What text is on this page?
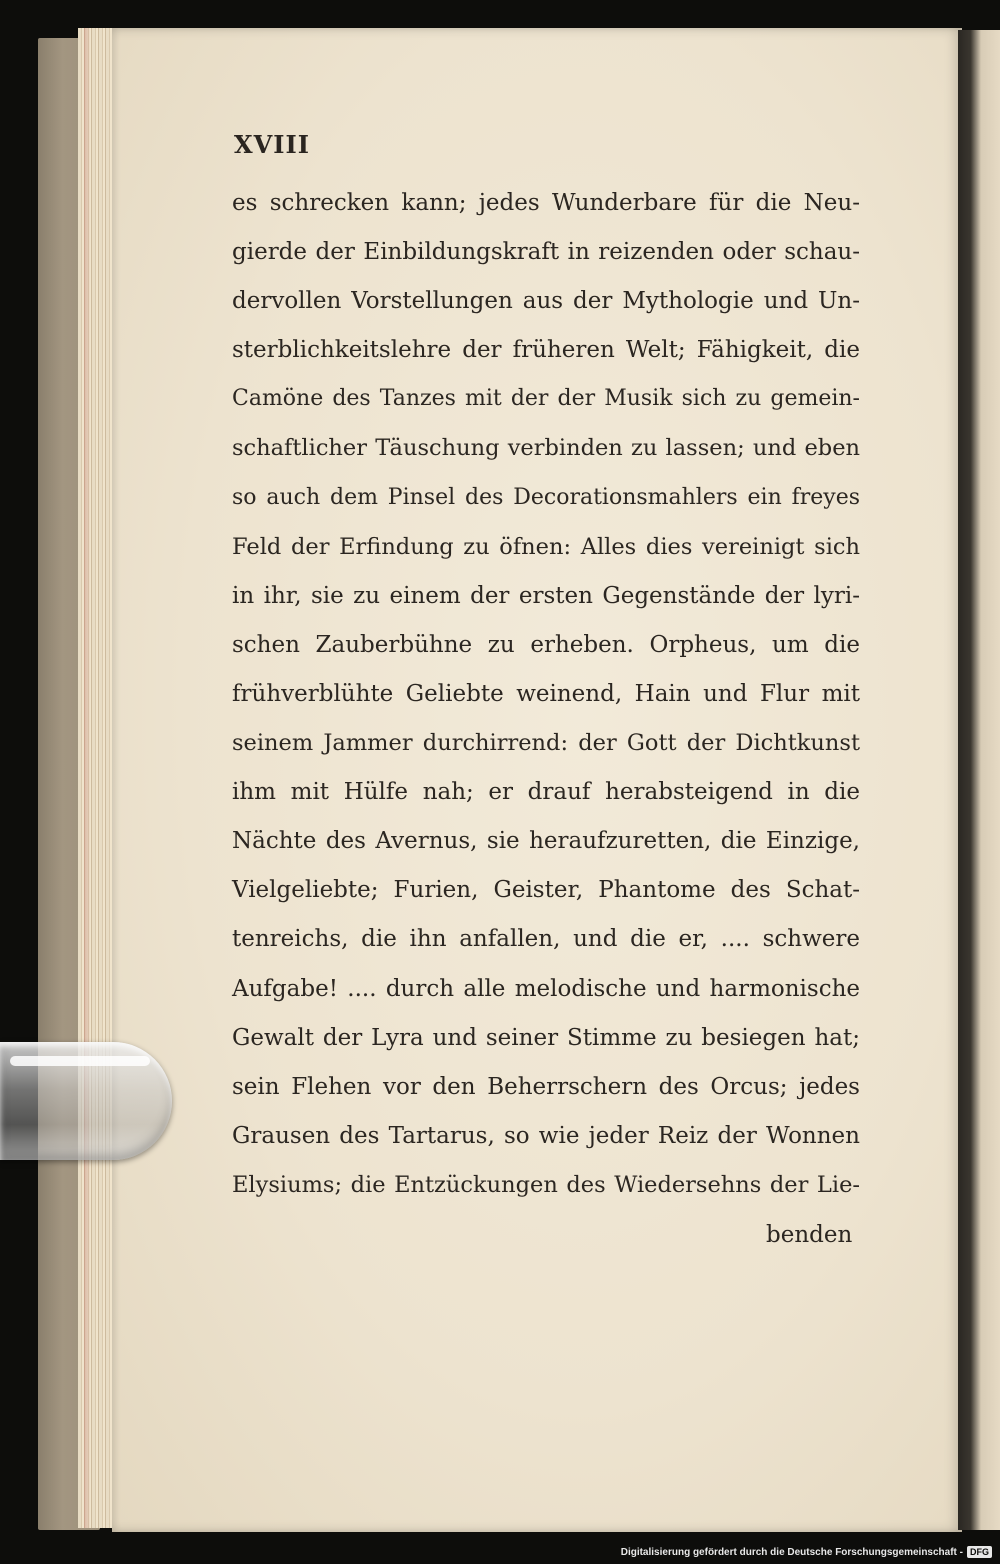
XVIII
es schrecken kann; jedes Wunderbare für die Neu-
gierde der Einbildungskraft in reizenden oder schau-
dervollen Vorstellungen aus der Mythologie und Un-
sterblichkeitslehre der früheren Welt; Fähigkeit, die
Camöne des Tanzes mit der der Musik sich zu gemein-
schaftlicher Täuschung verbinden zu lassen; und eben
so auch dem Pinsel des Decorationsmahlers ein freyes
Feld der Erfindung zu öfnen: Alles dies vereinigt sich
in ihr, sie zu einem der ersten Gegenstände der lyri-
schen Zauberbühne zu erheben. Orpheus, um die
frühverblühte Geliebte weinend, Hain und Flur mit
seinem Jammer durchirrend: der Gott der Dichtkunst
ihm mit Hülfe nah; er drauf herabsteigend in die
Nächte des Avernus, sie heraufzuretten, die Einzige,
Vielgeliebte; Furien, Geister, Phantome des Schat-
tenreichs, die ihn anfallen, und die er, .... schwere
Aufgabe! .... durch alle melodische und harmonische
Gewalt der Lyra und seiner Stimme zu besiegen hat;
sein Flehen vor den Beherrschern des Orcus; jedes
Grausen des Tartarus, so wie jeder Reiz der Wonnen
Elysiums; die Entzückungen des Wiedersehns der Lie-
benden
Digitalisierung gefördert durch die Deutsche Forschungsgemeinschaft - DFG
